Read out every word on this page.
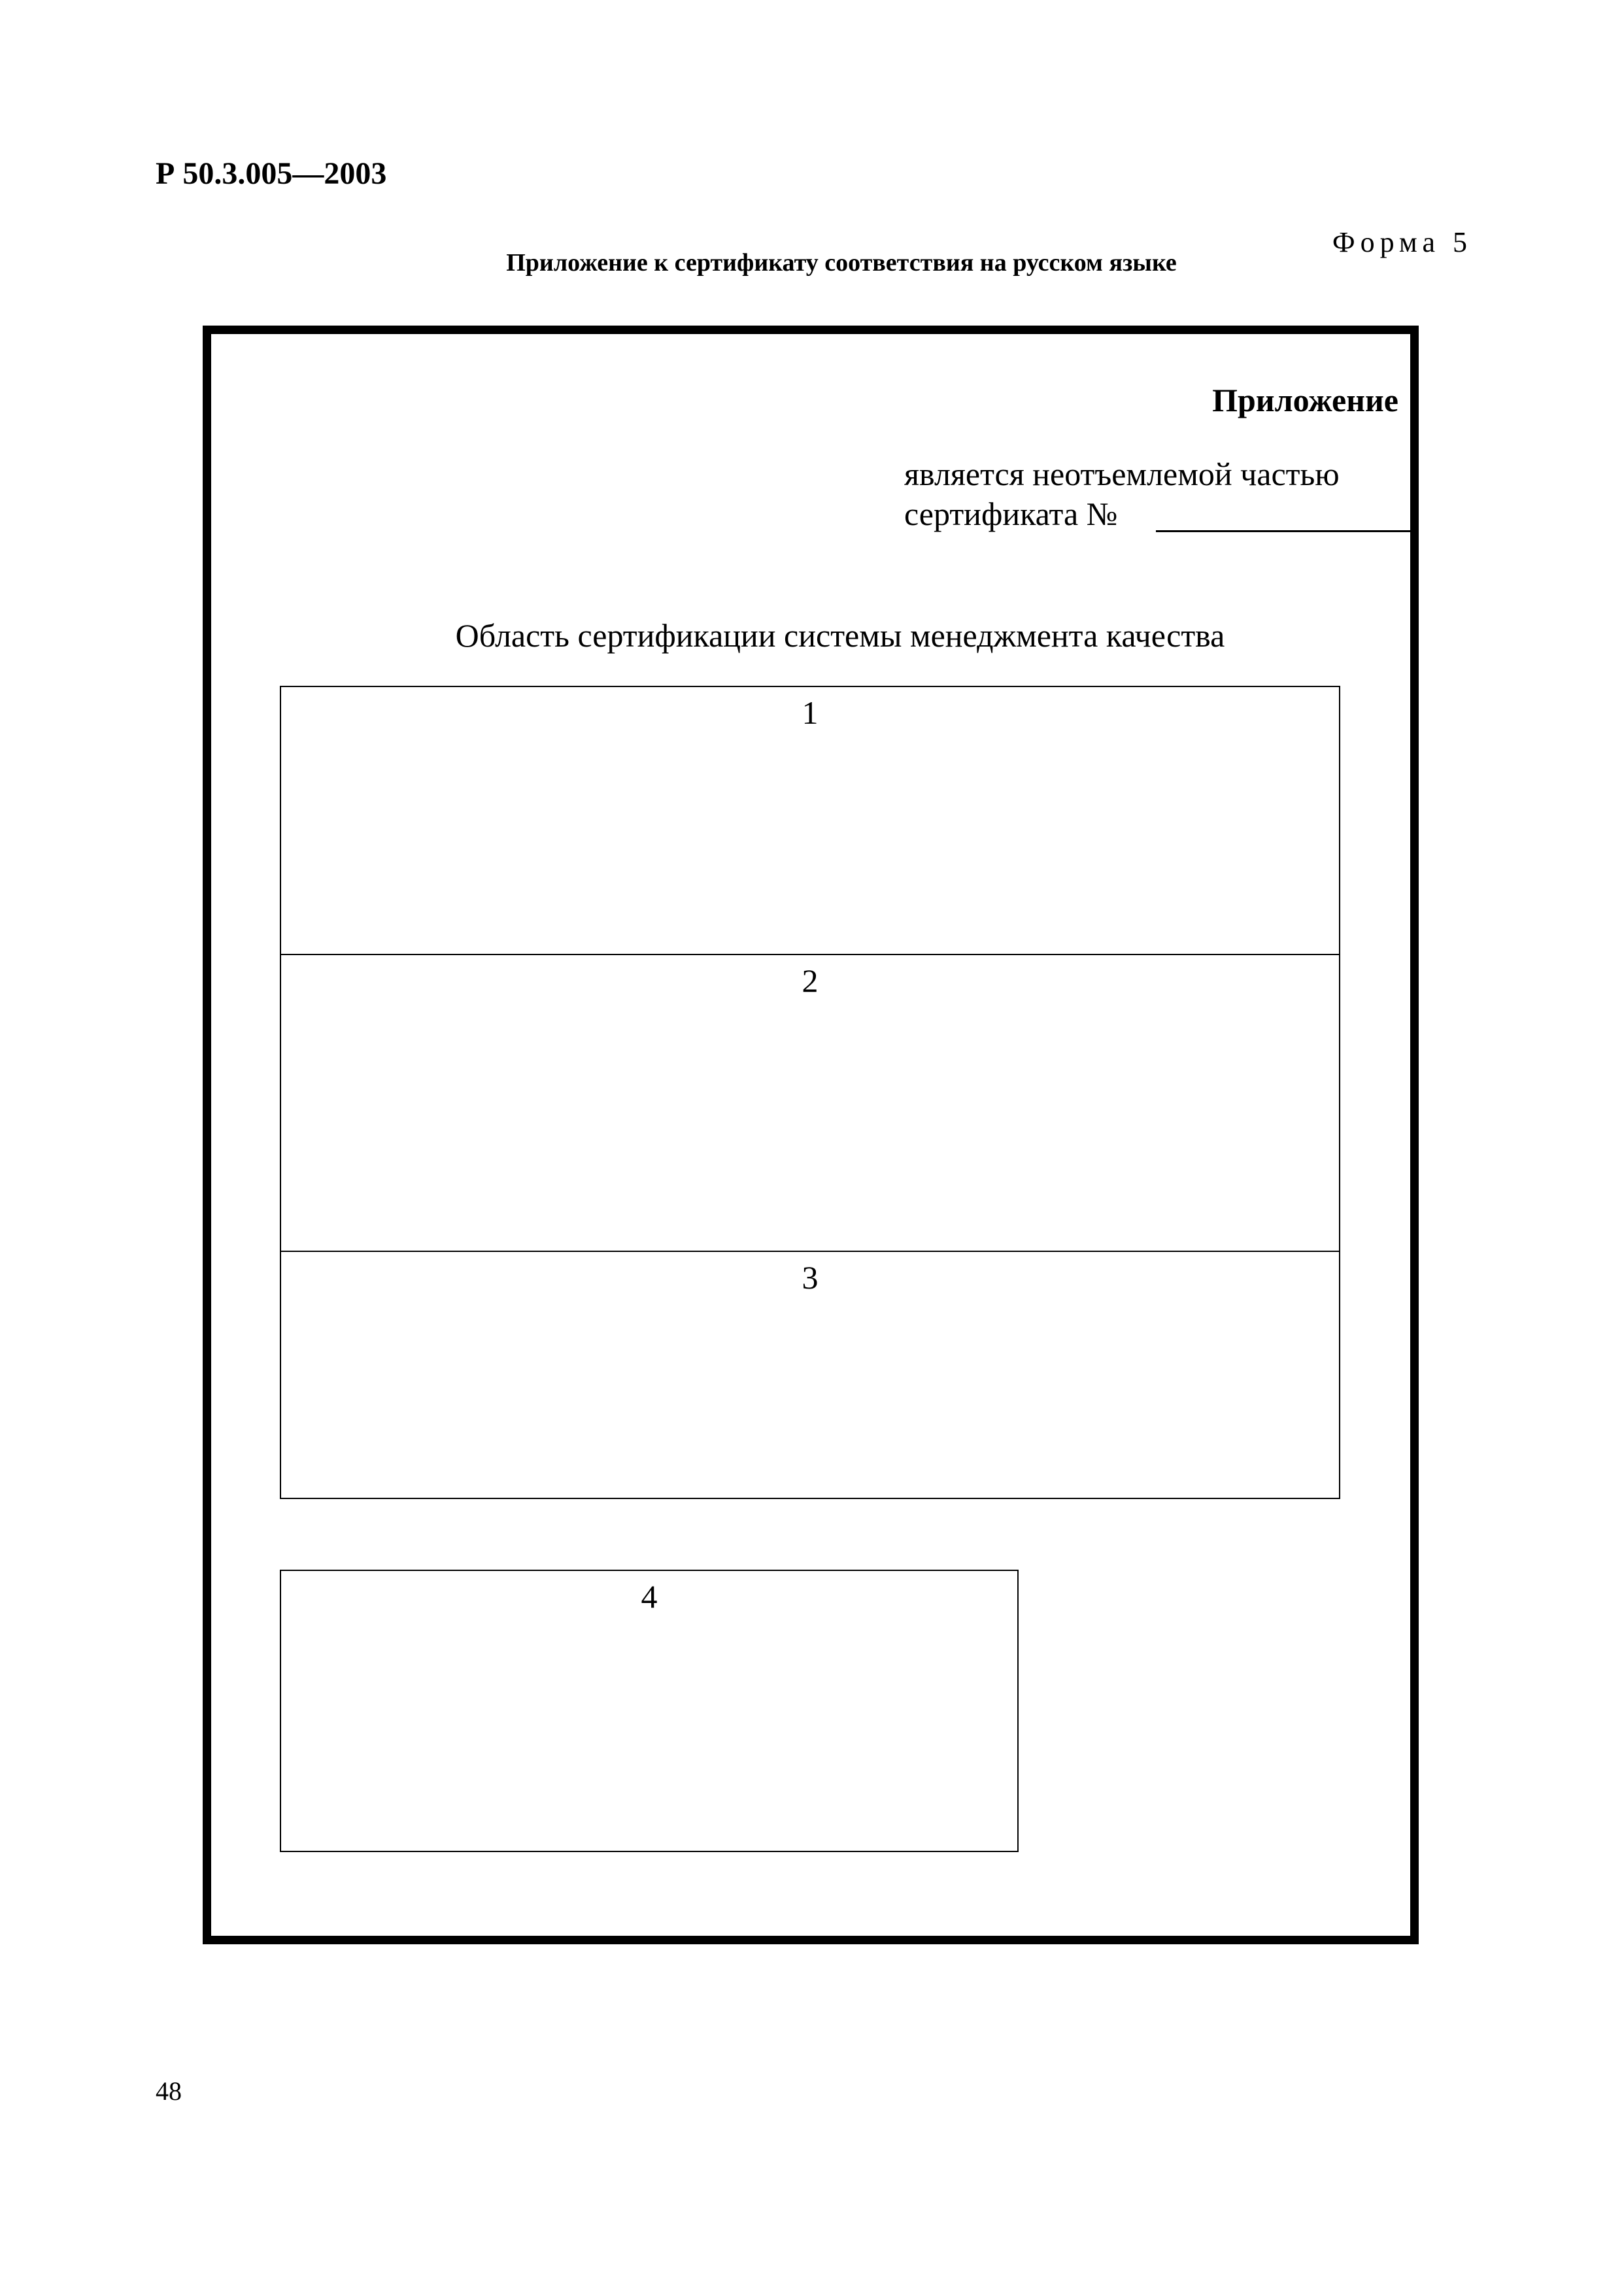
Р 50.3.005—2003
Форма 5
Приложение к сертификату соответствия на русском языке
Приложение
является неотъемлемой частью
сертификата №
Область сертификации системы менеджмента качества
1
2
3
4
48
